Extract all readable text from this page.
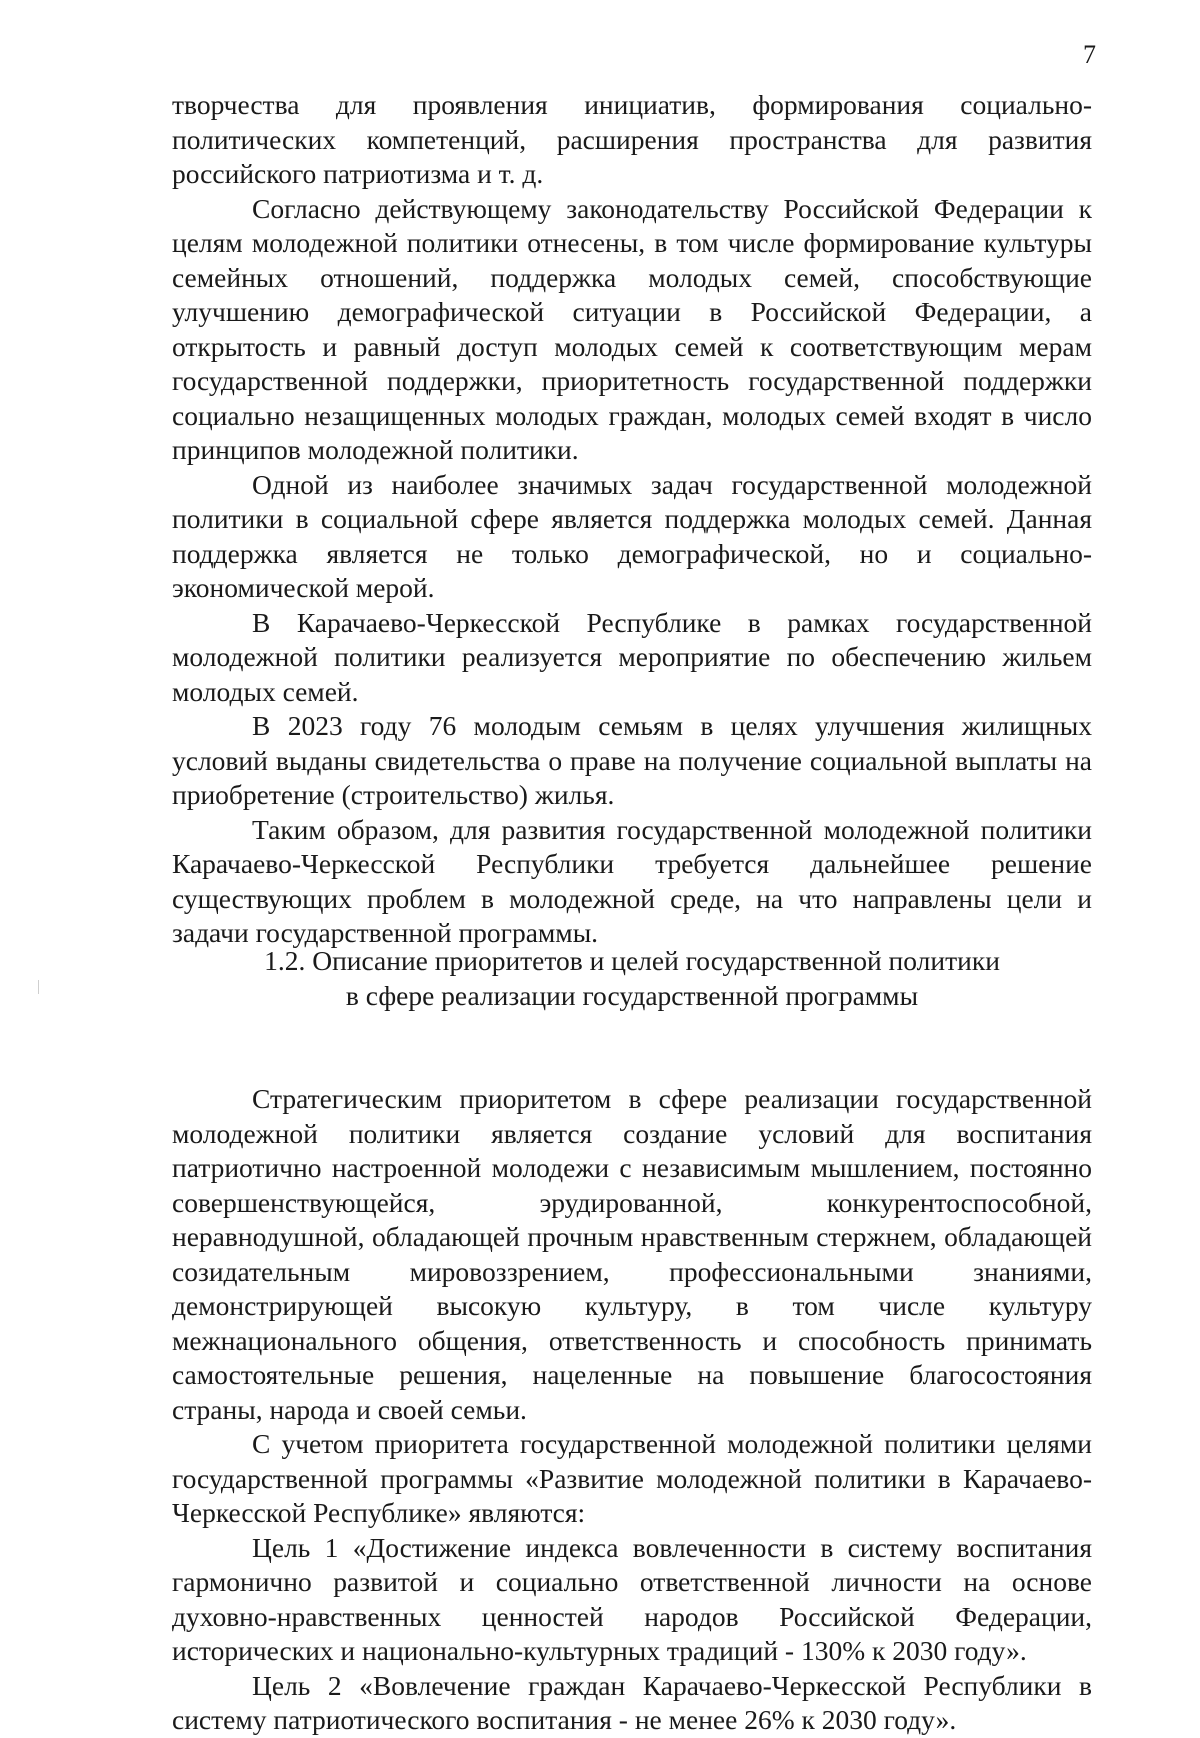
7

творчества для проявления инициатив, формирования социально-политических компетенций, расширения пространства для развития российского патриотизма и т. д.

Согласно действующему законодательству Российской Федерации к целям молодежной политики отнесены, в том числе формирование культуры семейных отношений, поддержка молодых семей, способствующие улучшению демографической ситуации в Российской Федерации, а открытость и равный доступ молодых семей к соответствующим мерам государственной поддержки, приоритетность государственной поддержки социально незащищенных молодых граждан, молодых семей входят в число принципов молодежной политики.

Одной из наиболее значимых задач государственной молодежной политики в социальной сфере является поддержка молодых семей. Данная поддержка является не только демографической, но и социально-экономической мерой.

В Карачаево-Черкесской Республике в рамках государственной молодежной политики реализуется мероприятие по обеспечению жильем молодых семей.

В 2023 году 76 молодым семьям в целях улучшения жилищных условий выданы свидетельства о праве на получение социальной выплаты на приобретение (строительство) жилья.

Таким образом, для развития государственной молодежной политики Карачаево-Черкесской Республики требуется дальнейшее решение существующих проблем в молодежной среде, на что направлены цели и задачи государственной программы.

1.2. Описание приоритетов и целей государственной политики
в сфере реализации государственной программы

Стратегическим приоритетом в сфере реализации государственной молодежной политики является создание условий для воспитания патриотично настроенной молодежи с независимым мышлением, постоянно совершенствующейся, эрудированной, конкурентоспособной, неравнодушной, обладающей прочным нравственным стержнем, обладающей созидательным мировоззрением, профессиональными знаниями, демонстрирующей высокую культуру, в том числе культуру межнационального общения, ответственность и способность принимать самостоятельные решения, нацеленные на повышение благосостояния страны, народа и своей семьи.

С учетом приоритета государственной молодежной политики целями государственной программы «Развитие молодежной политики в Карачаево-Черкесской Республике» являются:

Цель 1 «Достижение индекса вовлеченности в систему воспитания гармонично развитой и социально ответственной личности на основе духовно-нравственных ценностей народов Российской Федерации, исторических и национально-культурных традиций - 130% к 2030 году».

Цель 2 «Вовлечение граждан Карачаево-Черкесской Республики в систему патриотического воспитания - не менее 26% к 2030 году».
